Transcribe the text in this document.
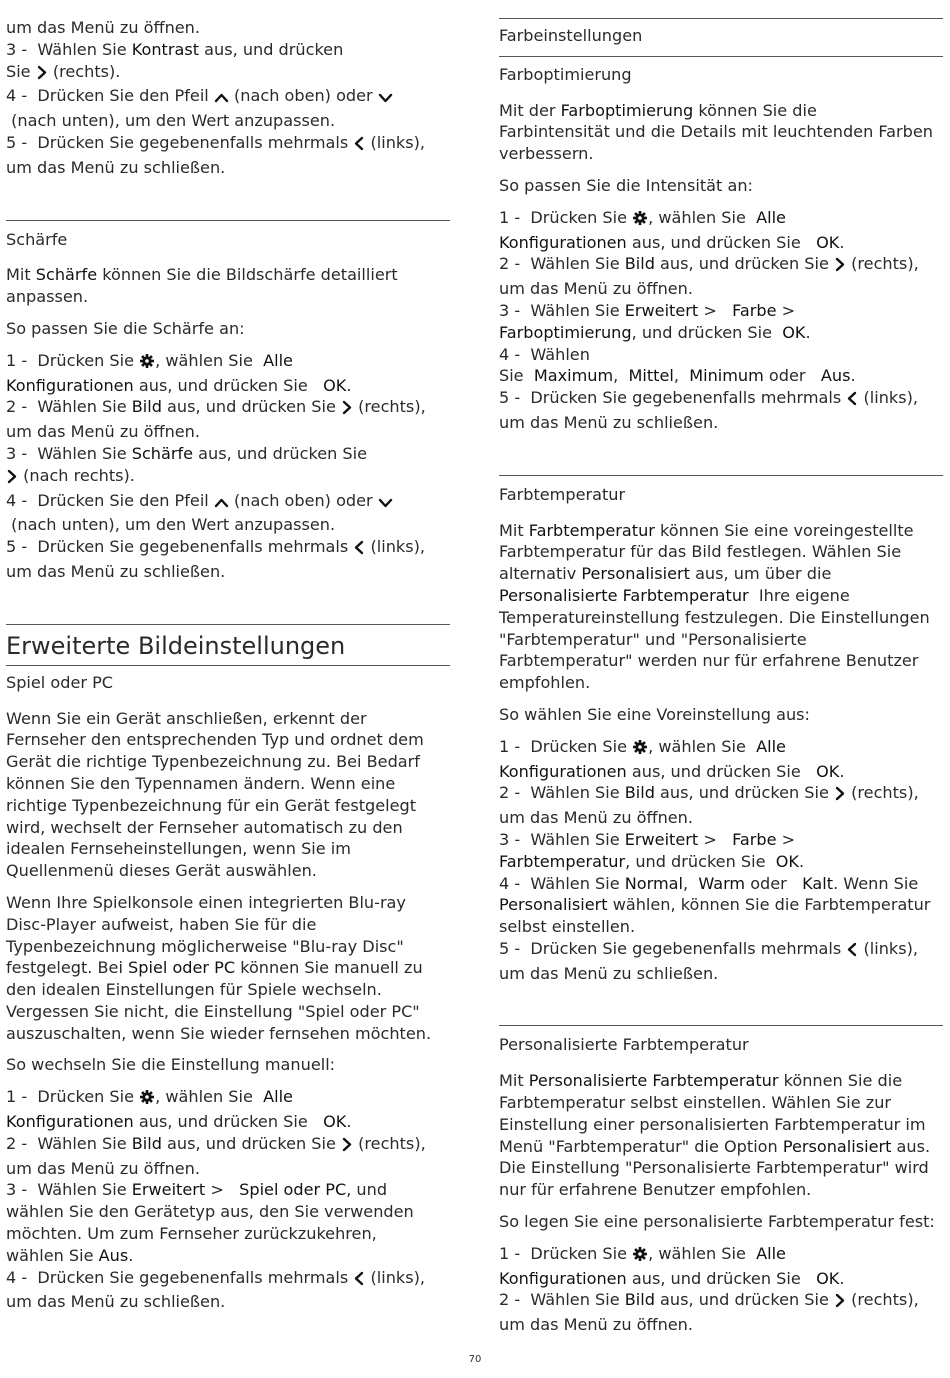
um das Menü zu öffnen.
3 -  Wählen Sie Kontrast aus, und drücken
Sie  (rechts).
4 -  Drücken Sie den Pfeil  (nach oben) oder
(nach unten), um den Wert anzupassen.
5 -  Drücken Sie gegebenenfalls mehrmals  (links),
um das Menü zu schließen.
Schärfe
Mit Schärfe können Sie die Bildschärfe detailliert
anpassen.
So passen Sie die Schärfe an:
1 -  Drücken Sie , wählen Sie  Alle
Konfigurationen aus, und drücken Sie   OK.
2 -  Wählen Sie Bild aus, und drücken Sie  (rechts),
um das Menü zu öffnen.
3 -  Wählen Sie Schärfe aus, und drücken Sie
(nach rechts).
4 -  Drücken Sie den Pfeil  (nach oben) oder
(nach unten), um den Wert anzupassen.
5 -  Drücken Sie gegebenenfalls mehrmals  (links),
um das Menü zu schließen.
Erweiterte Bildeinstellungen
Spiel oder PC
Wenn Sie ein Gerät anschließen, erkennt der
Fernseher den entsprechenden Typ und ordnet dem
Gerät die richtige Typenbezeichnung zu. Bei Bedarf
können Sie den Typennamen ändern. Wenn eine
richtige Typenbezeichnung für ein Gerät festgelegt
wird, wechselt der Fernseher automatisch zu den
idealen Fernseheinstellungen, wenn Sie im
Quellenmenü dieses Gerät auswählen.
Wenn Ihre Spielkonsole einen integrierten Blu-ray
Disc-Player aufweist, haben Sie für die
Typenbezeichnung möglicherweise "Blu-ray Disc"
festgelegt. Bei Spiel oder PC können Sie manuell zu
den idealen Einstellungen für Spiele wechseln.
Vergessen Sie nicht, die Einstellung "Spiel oder PC"
auszuschalten, wenn Sie wieder fernsehen möchten.
So wechseln Sie die Einstellung manuell:
1 -  Drücken Sie , wählen Sie  Alle
Konfigurationen aus, und drücken Sie   OK.
2 -  Wählen Sie Bild aus, und drücken Sie  (rechts),
um das Menü zu öffnen.
3 -  Wählen Sie Erweitert >   Spiel oder PC, und
wählen Sie den Gerätetyp aus, den Sie verwenden
möchten. Um zum Fernseher zurückzukehren,
wählen Sie Aus.
4 -  Drücken Sie gegebenenfalls mehrmals  (links),
um das Menü zu schließen.
Farbeinstellungen
Farboptimierung
Mit der Farboptimierung können Sie die
Farbintensität und die Details mit leuchtenden Farben
verbessern.
So passen Sie die Intensität an:
1 -  Drücken Sie , wählen Sie  Alle
Konfigurationen aus, und drücken Sie   OK.
2 -  Wählen Sie Bild aus, und drücken Sie  (rechts),
um das Menü zu öffnen.
3 -  Wählen Sie Erweitert >   Farbe >
Farboptimierung, und drücken Sie  OK.
4 -  Wählen
Sie  Maximum,  Mittel,  Minimum oder   Aus.
5 -  Drücken Sie gegebenenfalls mehrmals  (links),
um das Menü zu schließen.
Farbtemperatur
Mit Farbtemperatur können Sie eine voreingestellte
Farbtemperatur für das Bild festlegen. Wählen Sie
alternativ Personalisiert aus, um über die
Personalisierte Farbtemperatur  Ihre eigene
Temperatureinstellung festzulegen. Die Einstellungen
"Farbtemperatur" und "Personalisierte
Farbtemperatur" werden nur für erfahrene Benutzer
empfohlen.
So wählen Sie eine Voreinstellung aus:
1 -  Drücken Sie , wählen Sie  Alle
Konfigurationen aus, und drücken Sie   OK.
2 -  Wählen Sie Bild aus, und drücken Sie  (rechts),
um das Menü zu öffnen.
3 -  Wählen Sie Erweitert >   Farbe >
Farbtemperatur, und drücken Sie  OK.
4 -  Wählen Sie Normal,  Warm oder   Kalt. Wenn Sie
Personalisiert wählen, können Sie die Farbtemperatur
selbst einstellen.
5 -  Drücken Sie gegebenenfalls mehrmals  (links),
um das Menü zu schließen.
Personalisierte Farbtemperatur
Mit Personalisierte Farbtemperatur können Sie die
Farbtemperatur selbst einstellen. Wählen Sie zur
Einstellung einer personalisierten Farbtemperatur im
Menü "Farbtemperatur" die Option Personalisiert aus.
Die Einstellung "Personalisierte Farbtemperatur" wird
nur für erfahrene Benutzer empfohlen.
So legen Sie eine personalisierte Farbtemperatur fest:
1 -  Drücken Sie , wählen Sie  Alle
Konfigurationen aus, und drücken Sie   OK.
2 -  Wählen Sie Bild aus, und drücken Sie  (rechts),
um das Menü zu öffnen.
70
